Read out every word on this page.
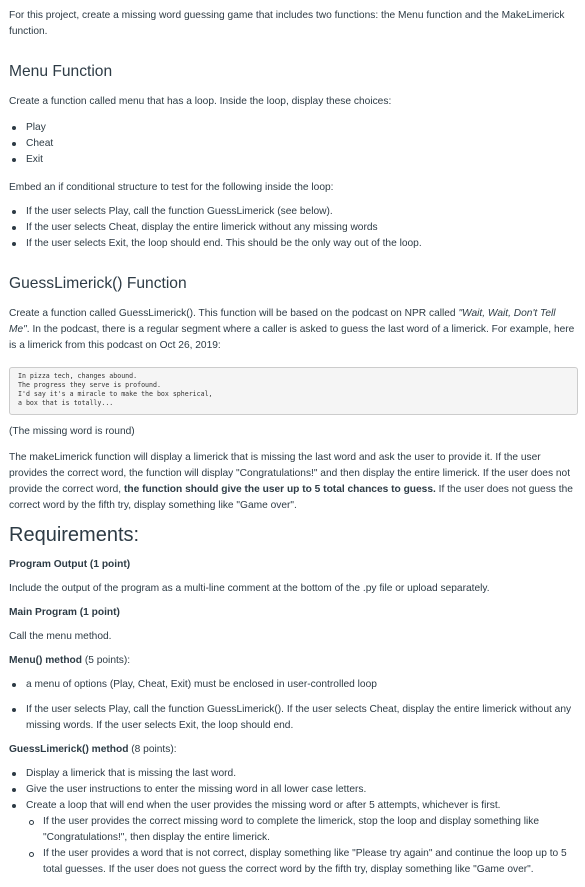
For this project, create a missing word guessing game that includes two functions: the Menu function and the MakeLimerick function.

Menu Function

Create a function called menu that has a loop. Inside the loop, display these choices:

Play
Cheat
Exit

Embed an if conditional structure to test for the following inside the loop:

If the user selects Play, call the function GuessLimerick (see below).
If the user selects Cheat, display the entire limerick without any missing words
If the user selects Exit, the loop should end. This should be the only way out of the loop.
GuessLimerick() Function

Create a function called GuessLimerick(). This function will be based on the podcast on NPR called "Wait, Wait, Don't Tell Me". In the podcast, there is a regular segment where a caller is asked to guess the last word of a limerick. For example, here is a limerick from this podcast on Oct 26, 2019:

In pizza tech, changes abound.
The progress they serve is profound.
I'd say it's a miracle to make the box spherical,
a box that is totally...

(The missing word is round)

The makeLimerick function will display a limerick that is missing the last word and ask the user to provide it. If the user provides the correct word, the function will display "Congratulations!" and then display the entire limerick. If the user does not provide the correct word, the function should give the user up to 5 total chances to guess. If the user does not guess the correct word by the fifth try, display something like "Game over".

Requirements:

Program Output (1 point)

Include the output of the program as a multi-line comment at the bottom of the .py file or upload separately.

Main Program (1 point)

Call the menu method.

Menu() method (5 points):

a menu of options (Play, Cheat, Exit) must be enclosed in user-controlled loop
If the user selects Play, call the function GuessLimerick(). If the user selects Cheat, display the entire limerick without any missing words. If the user selects Exit, the loop should end.

GuessLimerick() method (8 points):

Display a limerick that is missing the last word.
Give the user instructions to enter the missing word in all lower case letters.
Create a loop that will end when the user provides the missing word or after 5 attempts, whichever is first.
If the user provides the correct missing word to complete the limerick, stop the loop and display something like "Congratulations!", then display the entire limerick.
If the user provides a word that is not correct, display something like "Please try again" and continue the loop up to 5 total guesses. If the user does not guess the correct word by the fifth try, display something like "Game over".
